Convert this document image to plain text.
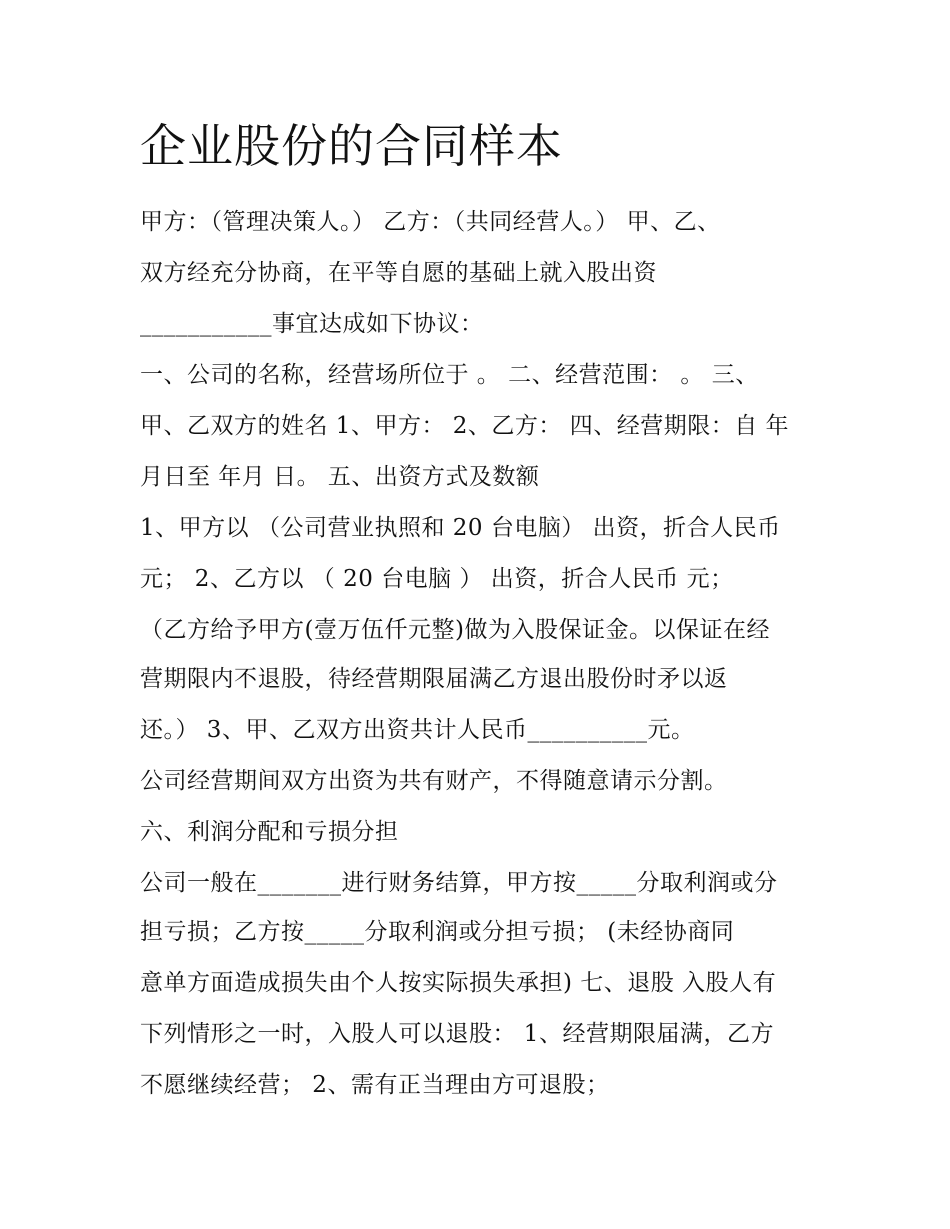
企业股份的合同样本
甲方：（管理决策人。） 乙方：（共同经营人。） 甲、乙、
双方经充分协商，在平等自愿的基础上就入股出资
___________事宜达成如下协议：
一、公司的名称，经营场所位于 。 二、经营范围： 。 三、
甲、乙双方的姓名 1、甲方： 2、乙方： 四、经营期限：自 年
月日至 年月 日。 五、出资方式及数额
1、甲方以 （公司营业执照和 20 台电脑） 出资，折合人民币
元； 2、乙方以 （ 20 台电脑 ） 出资，折合人民币 元；
（乙方给予甲方(壹万伍仟元整)做为入股保证金。以保证在经
营期限内不退股，待经营期限届满乙方退出股份时矛以返
还。） 3、甲、乙双方出资共计人民币__________元。
公司经营期间双方出资为共有财产，不得随意请示分割。
六、利润分配和亏损分担
公司一般在_______进行财务结算，甲方按_____分取利润或分
担亏损；乙方按_____分取利润或分担亏损； (未经协商同
意单方面造成损失由个人按实际损失承担) 七、退股 入股人有
下列情形之一时，入股人可以退股： 1、经营期限届满，乙方
不愿继续经营； 2、需有正当理由方可退股；
